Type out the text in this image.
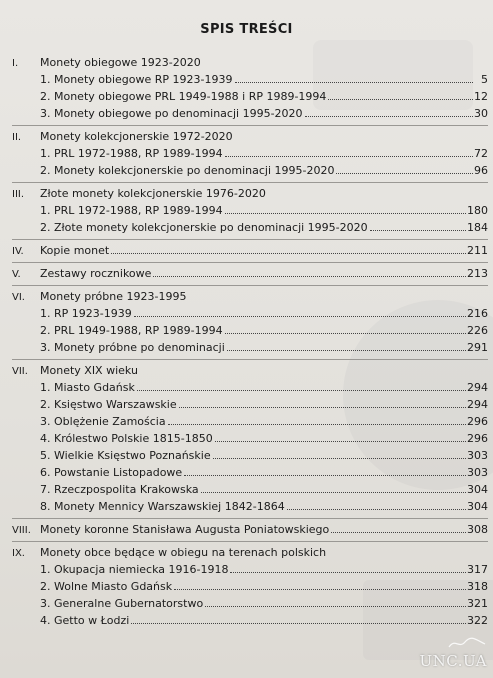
SPIS TREŚCI
I.	Monety obiegowe 1923-2020
1. Monety obiegowe RP 1923-1939	5
2. Monety obiegowe PRL 1949-1988 i RP 1989-1994	12
3. Monety obiegowe po denominacji 1995-2020	30
II.	Monety kolekcjonerskie 1972-2020
1. PRL 1972-1988, RP 1989-1994	72
2. Monety kolekcjonerskie po denominacji 1995-2020	96
III.	Złote monety kolekcjonerskie 1976-2020
1. PRL 1972-1988, RP 1989-1994	180
2. Złote monety kolekcjonerskie po denominacji 1995-2020	184
IV.	Kopie monet	211
V.	Zestawy rocznikowe	213
VI.	Monety próbne 1923-1995
1. RP 1923-1939	216
2. PRL 1949-1988, RP 1989-1994	226
3. Monety próbne po denominacji	291
VII.	Monety XIX wieku
1. Miasto Gdańsk	294
2. Księstwo Warszawskie	294
3. Oblężenie Zamościa	296
4. Królestwo Polskie 1815-1850	296
5. Wielkie Księstwo Poznańskie	303
6. Powstanie Listopadowe	303
7. Rzeczpospolita Krakowska	304
8. Monety Mennicy Warszawskiej 1842-1864	304
VIII. Monety koronne Stanisława Augusta Poniatowskiego	308
IX.	Monety obce będące w obiegu na terenach polskich
1. Okupacja niemiecka 1916-1918	317
2. Wolne Miasto Gdańsk	318
3. Generalne Gubernatorstwo	321
4. Getto w Łodzi	322
UNC.UA
